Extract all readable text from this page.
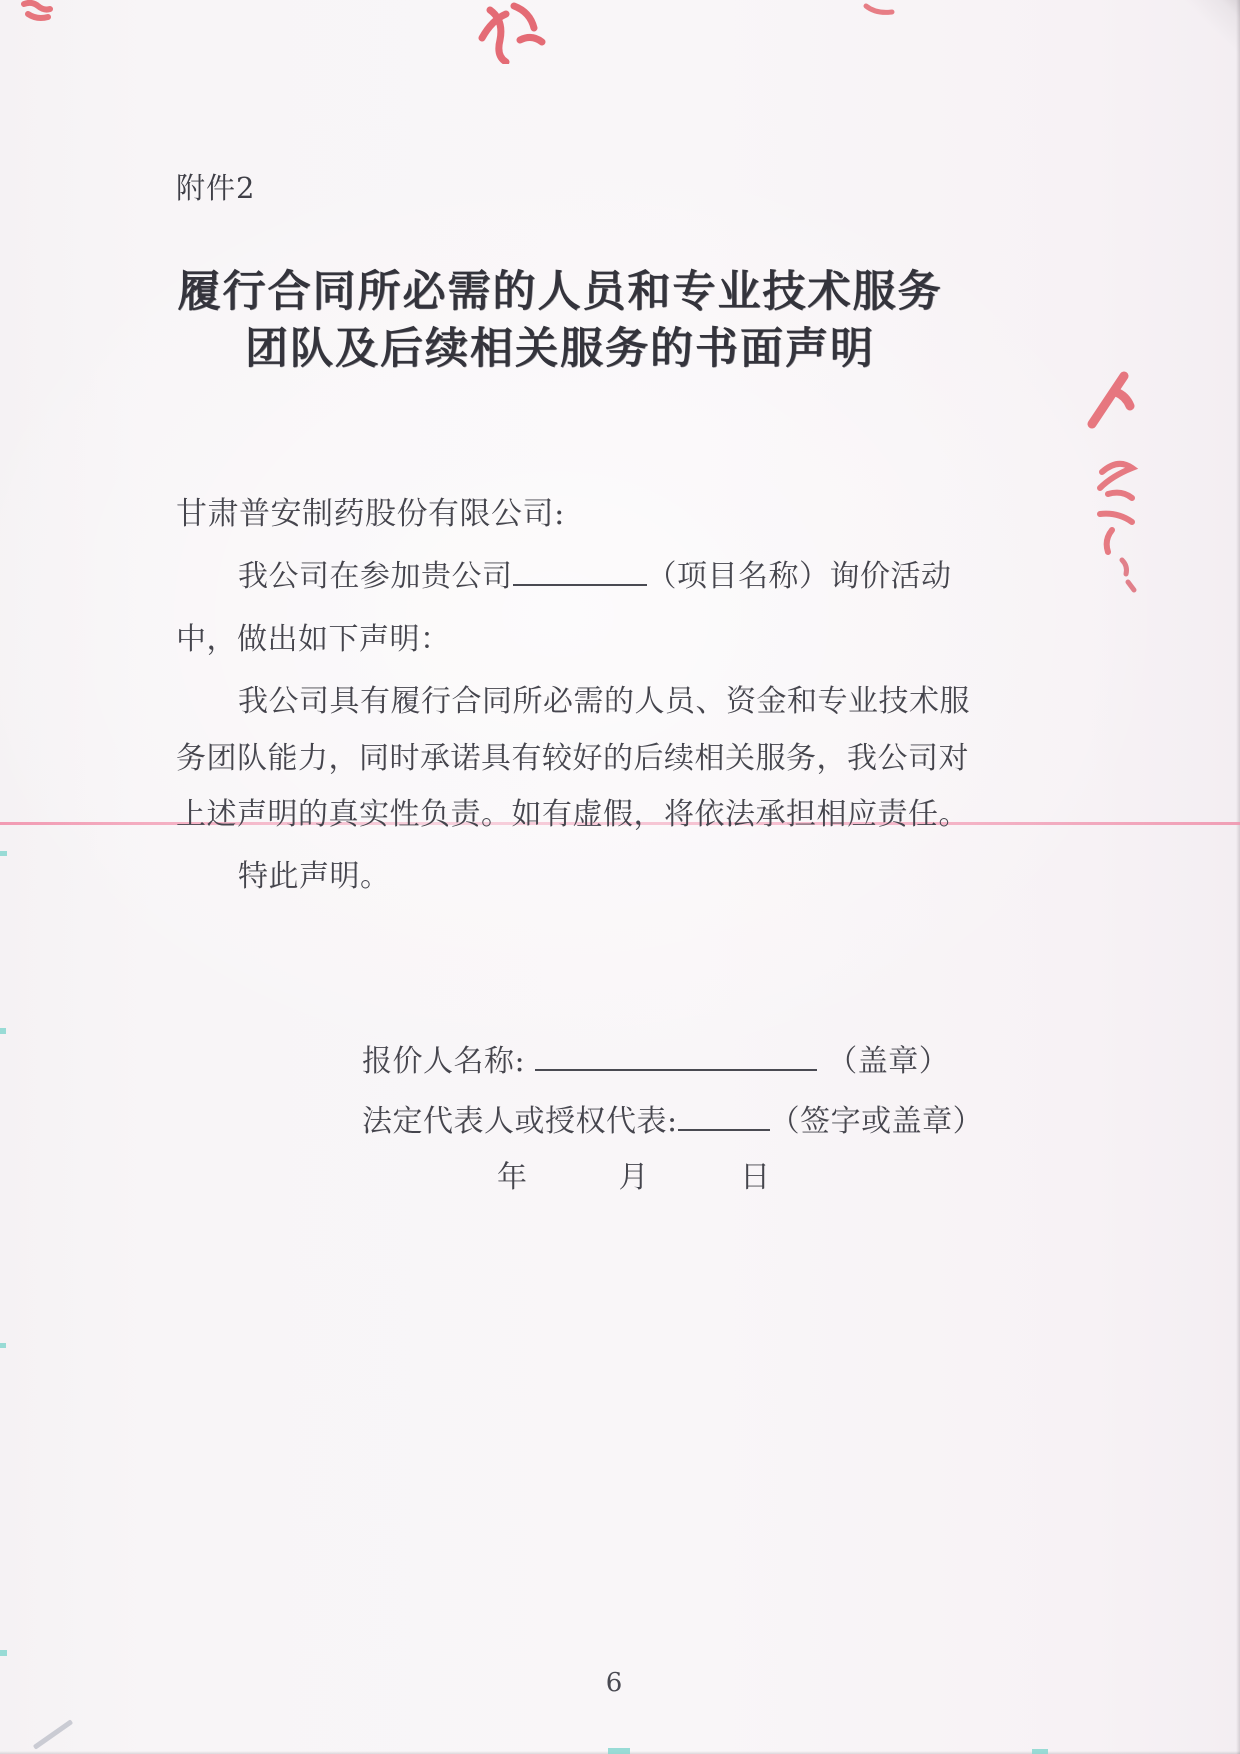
附件2
履行合同所必需的人员和专业技术服务
团队及后续相关服务的书面声明
甘肃普安制药股份有限公司:
我公司在参加贵公司	（项目名称）询价活动
中，做出如下声明：
我公司具有履行合同所必需的人员、资金和专业技术服
务团队能力，同时承诺具有较好的后续相关服务，我公司对
上述声明的真实性负责。如有虚假，将依法承担相应责任。
特此声明。
报价人名称:	（盖章）
法定代表人或授权代表:	（签字或盖章）
年	月	日
6
